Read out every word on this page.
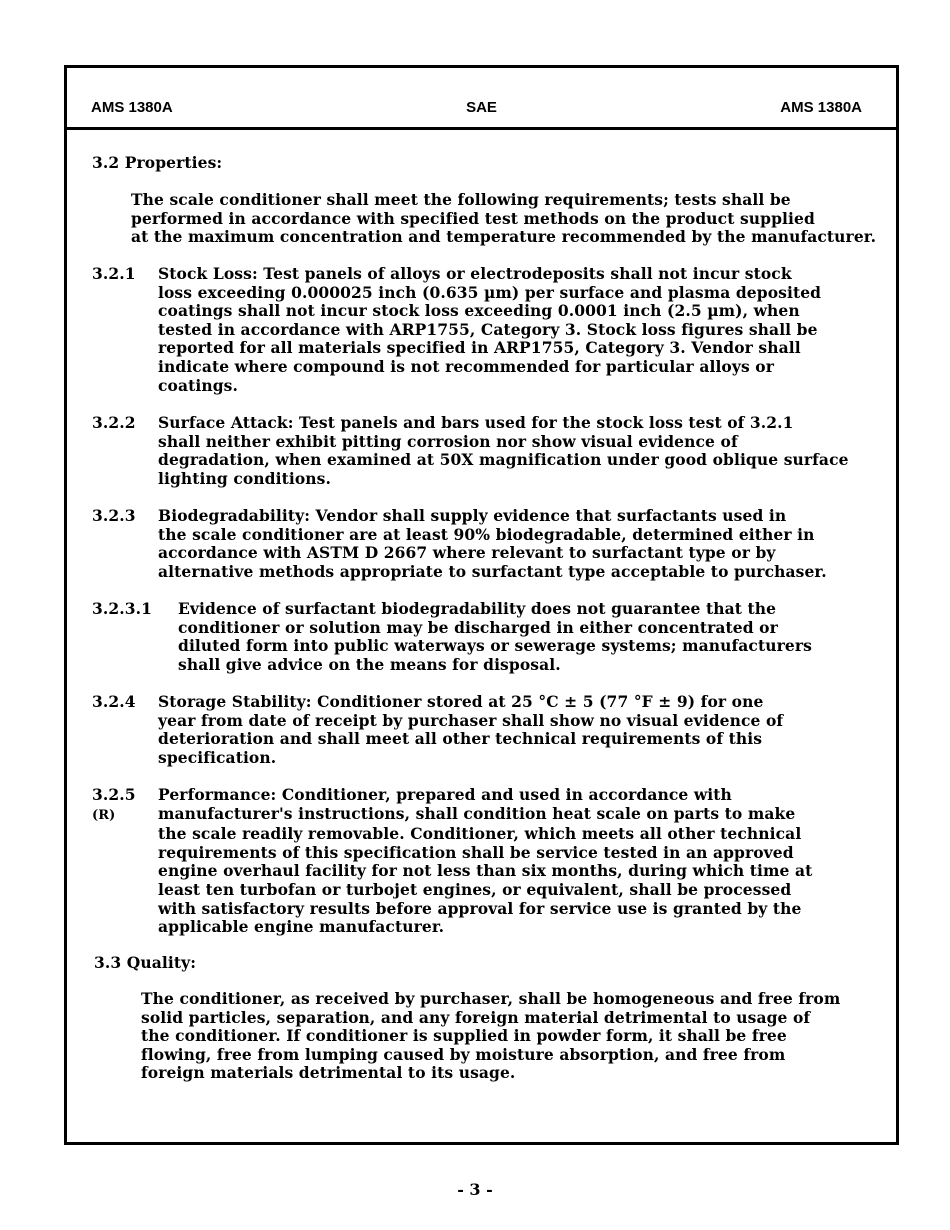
AMS 1380A	SAE	AMS 1380A
3.2 Properties:
The scale conditioner shall meet the following requirements; tests shall be
performed in accordance with specified test methods on the product supplied
at the maximum concentration and temperature recommended by the manufacturer.
3.2.1 Stock Loss: Test panels of alloys or electrodeposits shall not incur stock
loss exceeding 0.000025 inch (0.635 µm) per surface and plasma deposited
coatings shall not incur stock loss exceeding 0.0001 inch (2.5 µm), when
tested in accordance with ARP1755, Category 3. Stock loss figures shall be
reported for all materials specified in ARP1755, Category 3. Vendor shall
indicate where compound is not recommended for particular alloys or
coatings.
3.2.2 Surface Attack: Test panels and bars used for the stock loss test of 3.2.1
shall neither exhibit pitting corrosion nor show visual evidence of
degradation, when examined at 50X magnification under good oblique surface
lighting conditions.
3.2.3 Biodegradability: Vendor shall supply evidence that surfactants used in
the scale conditioner are at least 90% biodegradable, determined either in
accordance with ASTM D 2667 where relevant to surfactant type or by
alternative methods appropriate to surfactant type acceptable to purchaser.
3.2.3.1 Evidence of surfactant biodegradability does not guarantee that the
conditioner or solution may be discharged in either concentrated or
diluted form into public waterways or sewerage systems; manufacturers
shall give advice on the means for disposal.
3.2.4 Storage Stability: Conditioner stored at 25 °C ± 5 (77 °F ± 9) for one
year from date of receipt by purchaser shall show no visual evidence of
deterioration and shall meet all other technical requirements of this
specification.
3.2.5 Performance: Conditioner, prepared and used in accordance with
(R)	manufacturer's instructions, shall condition heat scale on parts to make
the scale readily removable. Conditioner, which meets all other technical
requirements of this specification shall be service tested in an approved
engine overhaul facility for not less than six months, during which time at
least ten turbofan or turbojet engines, or equivalent, shall be processed
with satisfactory results before approval for service use is granted by the
applicable engine manufacturer.
3.3 Quality:
The conditioner, as received by purchaser, shall be homogeneous and free from
solid particles, separation, and any foreign material detrimental to usage of
the conditioner. If conditioner is supplied in powder form, it shall be free
flowing, free from lumping caused by moisture absorption, and free from
foreign materials detrimental to its usage.
- 3 -
